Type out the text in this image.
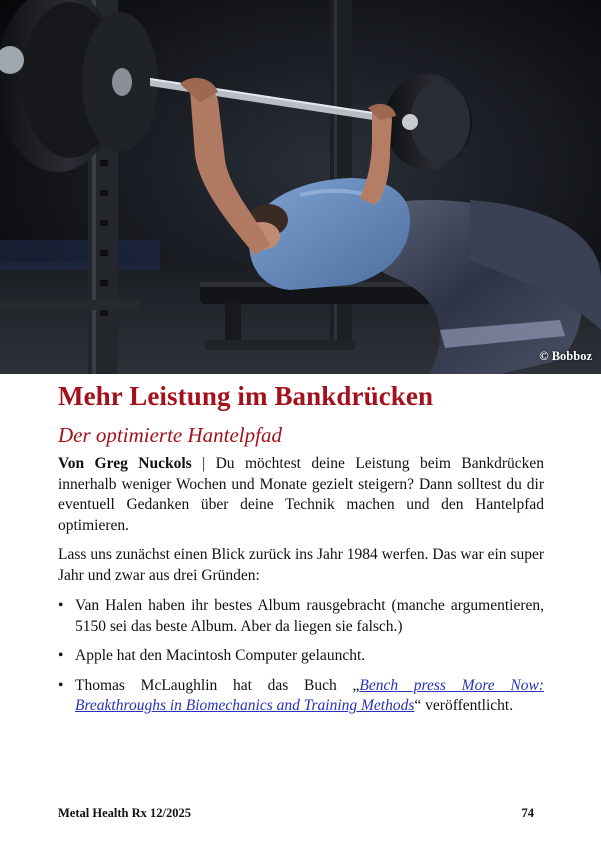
© Bobboz
Mehr Leistung im Bankdrücken
Der optimierte Hantelpfad

Von Greg Nuckols | Du möchtest deine Leistung beim Bankdrücken innerhalb weniger Wochen und Monate gezielt steigern? Dann solltest du dir eventuell Gedanken über deine Technik machen und den Hantelpfad optimieren.

Lass uns zunächst einen Blick zurück ins Jahr 1984 werfen. Das war ein super Jahr und zwar aus drei Gründen:

• Van Halen haben ihr bestes Album rausgebracht (manche argumentieren, 5150 sei das beste Album. Aber da liegen sie falsch.)
• Apple hat den Macintosh Computer gelauncht.
• Thomas McLaughlin hat das Buch „Bench press More Now: Breakthroughs in Biomechanics and Training Methods“ veröffentlicht.
Metal Health Rx 12/2025	74
